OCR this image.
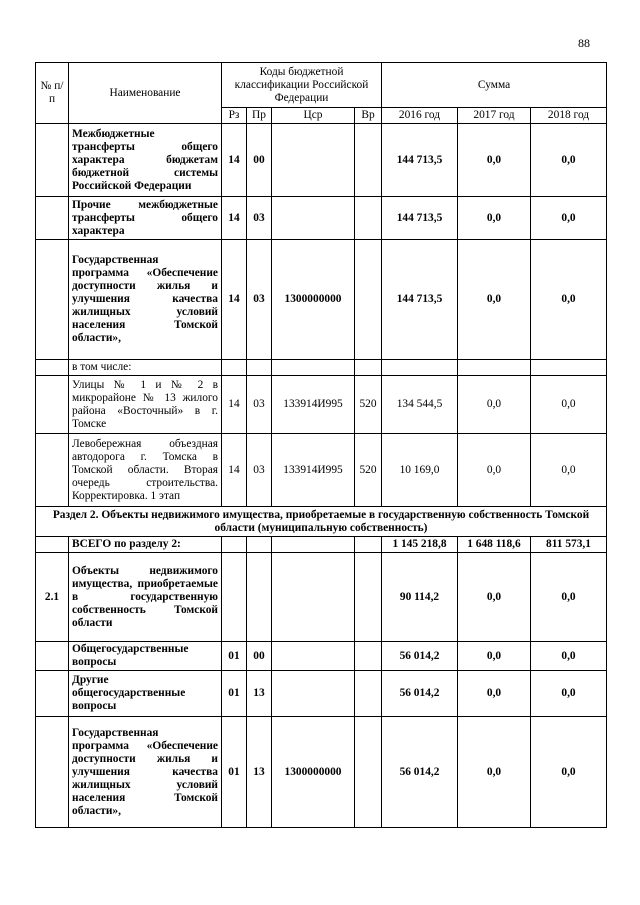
88
№ п/п	Наименование	Коды бюджетной классификации Российской Федерации				Сумма		
		Рз	Пр	Цср	Вр	2016 год	2017 год	2018 год
	Межбюджетные трансферты общего характера бюджетам бюджетной системы Российской Федерации	14	00			144 713,5	0,0	0,0
	Прочие межбюджетные трансферты общего характера	14	03			144 713,5	0,0	0,0
	Государственная программа «Обеспечение доступности жилья и улучшения качества жилищных условий населения Томской области»,	14	03	1300000000		144 713,5	0,0	0,0
	в том числе:							
	Улицы № 1 и № 2 в микрорайоне № 13 жилого района «Восточный» в г. Томске	14	03	133914И995	520	134 544,5	0,0	0,0
	Левобережная объездная автодорога г. Томска в Томской области. Вторая очередь строительства. Корректировка. 1 этап	14	03	133914И995	520	10 169,0	0,0	0,0
Раздел 2. Объекты недвижимого имущества, приобретаемые в государственную собственность Томской области (муниципальную собственность)								
	ВСЕГО по разделу 2:					1 145 218,8	1 648 118,6	811 573,1
2.1	Объекты недвижимого имущества, приобретаемые в государственную собственность Томской области					90 114,2	0,0	0,0
	Общегосударственные вопросы	01	00			56 014,2	0,0	0,0
	Другие общегосударственные вопросы	01	13			56 014,2	0,0	0,0
	Государственная программа «Обеспечение доступности жилья и улучшения качества жилищных условий населения Томской области»,	01	13	1300000000		56 014,2	0,0	0,0
